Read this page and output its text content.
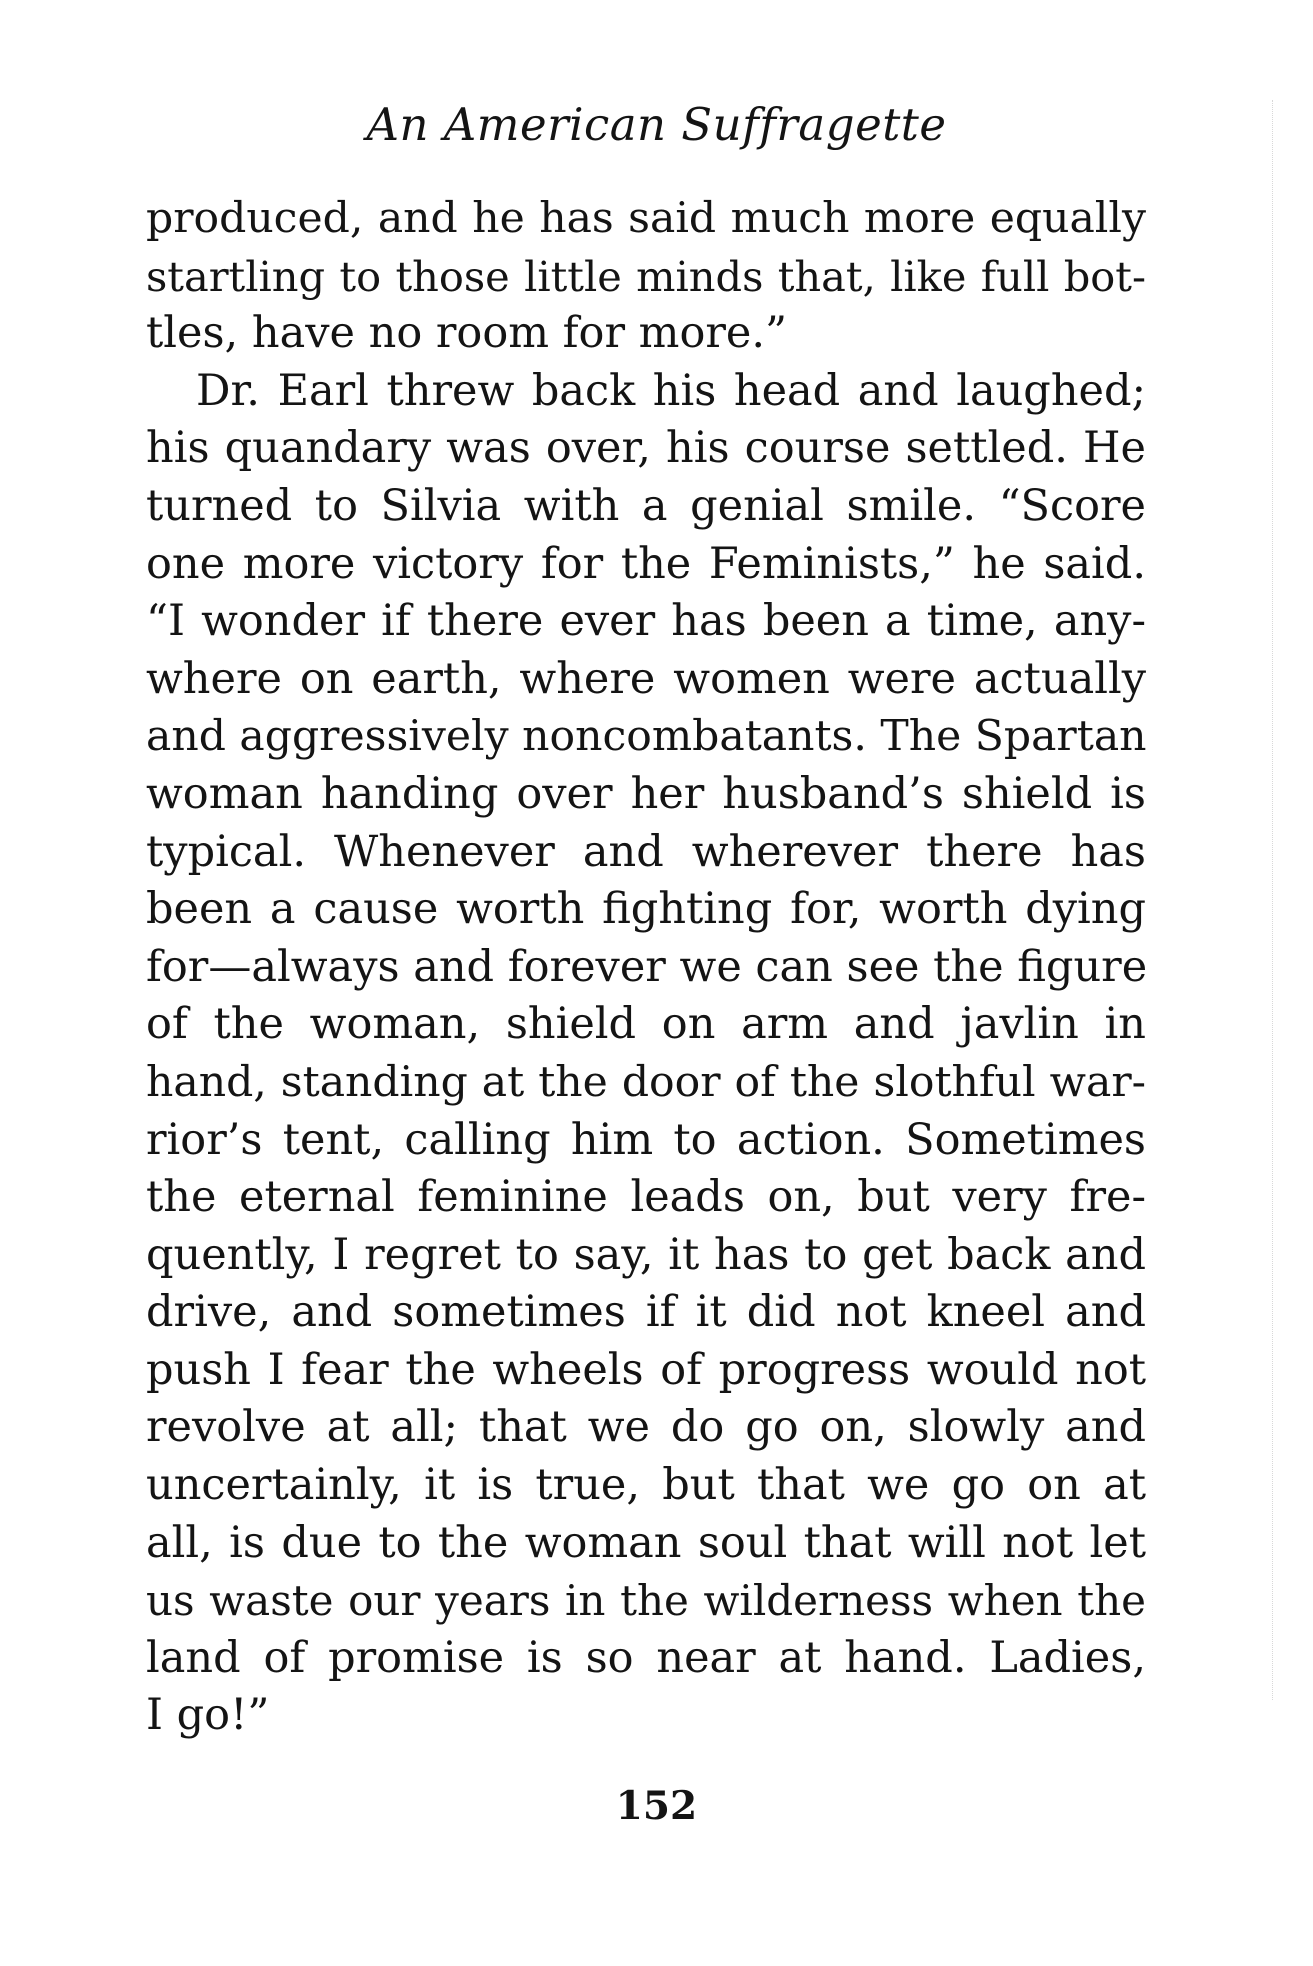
An American Suffragette
produced, and he has said much more equally
startling to those little minds that, like full bot-
tles, have no room for more.”
Dr. Earl threw back his head and laughed;
his quandary was over, his course settled. He
turned to Silvia with a genial smile. “Score
one more victory for the Feminists,” he said.
“I wonder if there ever has been a time, any-
where on earth, where women were actually
and aggressively noncombatants. The Spartan
woman handing over her husband’s shield is
typical. Whenever and wherever there has
been a cause worth fighting for, worth dying
for—always and forever we can see the figure
of the woman, shield on arm and javlin in
hand, standing at the door of the slothful war-
rior’s tent, calling him to action. Sometimes
the eternal feminine leads on, but very fre-
quently, I regret to say, it has to get back and
drive, and sometimes if it did not kneel and
push I fear the wheels of progress would not
revolve at all; that we do go on, slowly and
uncertainly, it is true, but that we go on at
all, is due to the woman soul that will not let
us waste our years in the wilderness when the
land of promise is so near at hand. Ladies,
I go!”
152
